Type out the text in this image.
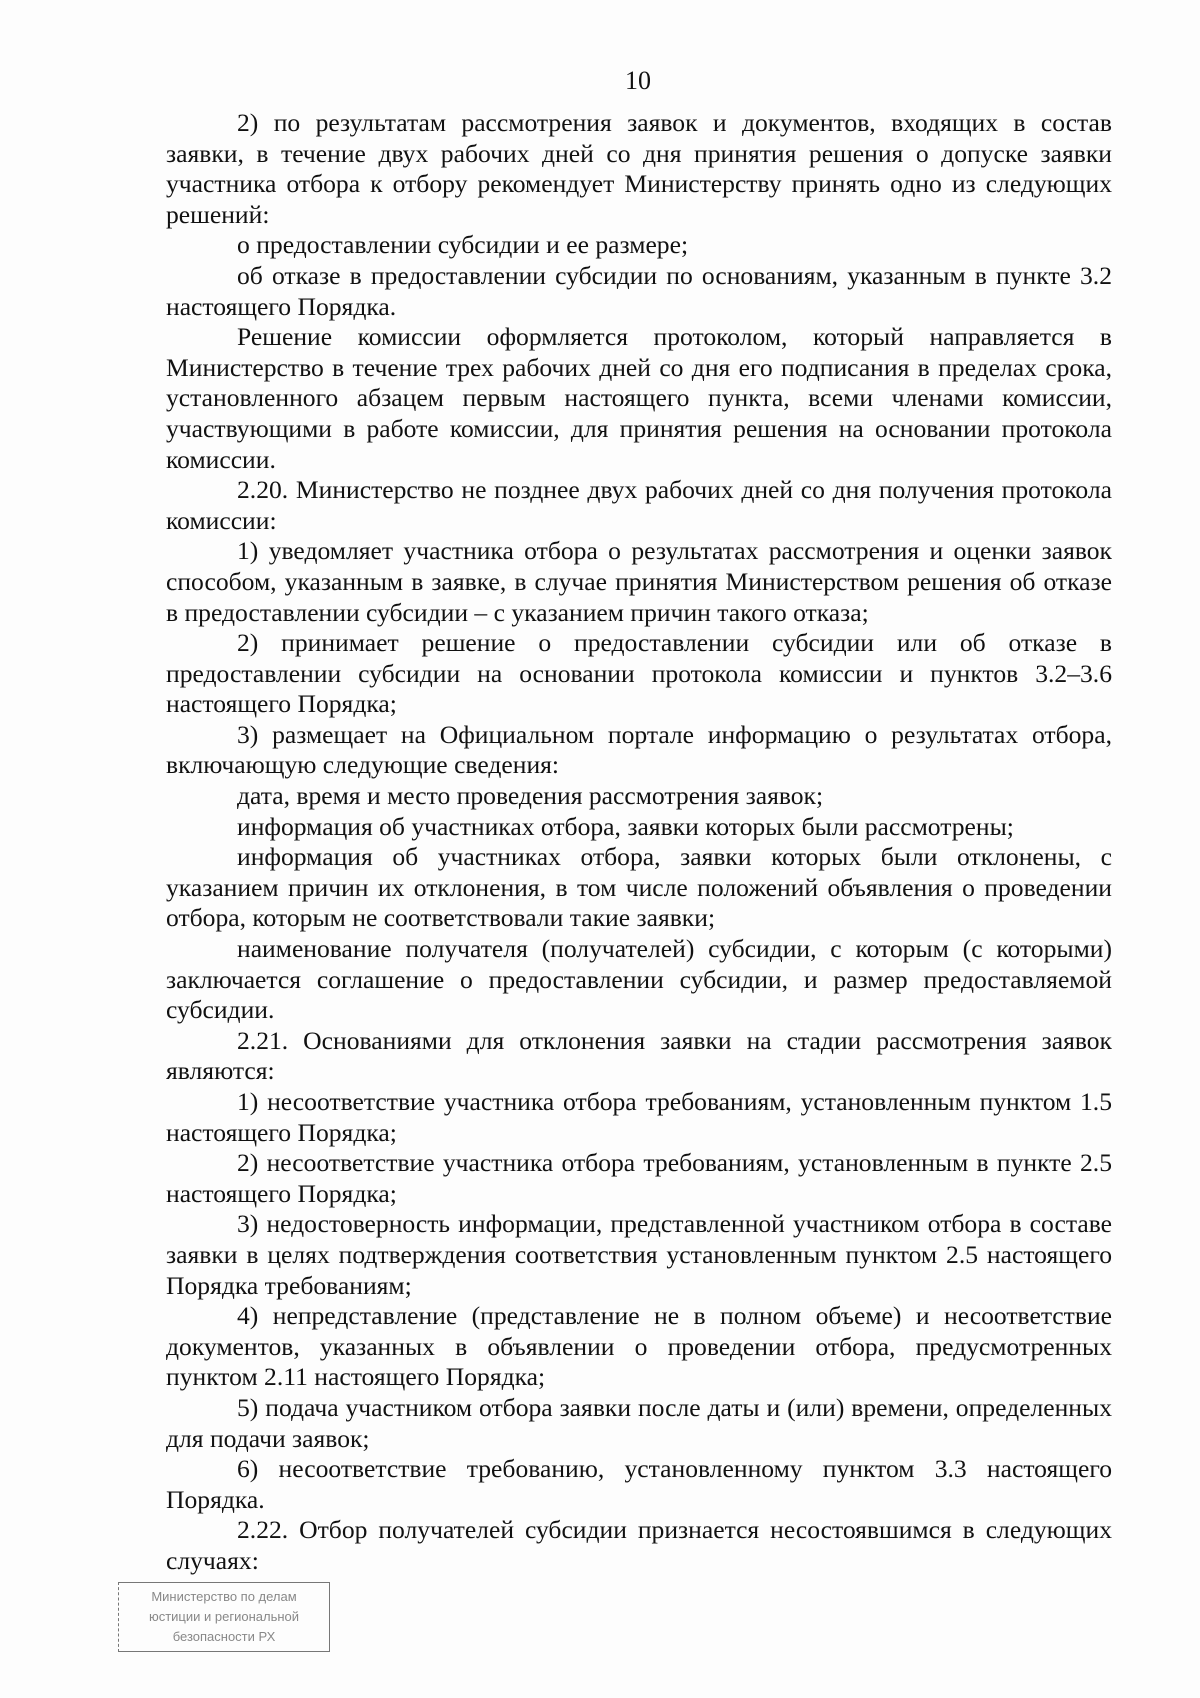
10

2) по результатам рассмотрения заявок и документов, входящих в состав заявки, в течение двух рабочих дней со дня принятия решения о допуске заявки участника отбора к отбору рекомендует Министерству принять одно из следующих решений:

о предоставлении субсидии и ее размере;

об отказе в предоставлении субсидии по основаниям, указанным в пункте 3.2 настоящего Порядка.

Решение комиссии оформляется протоколом, который направляется в Министерство в течение трех рабочих дней со дня его подписания в пределах срока, установленного абзацем первым настоящего пункта, всеми членами комиссии, участвующими в работе комиссии, для принятия решения на основании протокола комиссии.

2.20. Министерство не позднее двух рабочих дней со дня получения протокола комиссии:

1) уведомляет участника отбора о результатах рассмотрения и оценки заявок способом, указанным в заявке, в случае принятия Министерством решения об отказе в предоставлении субсидии – с указанием причин такого отказа;

2) принимает решение о предоставлении субсидии или об отказе в предоставлении субсидии на основании протокола комиссии и пунктов 3.2–3.6 настоящего Порядка;

3) размещает на Официальном портале информацию о результатах отбора, включающую следующие сведения:

дата, время и место проведения рассмотрения заявок;

информация об участниках отбора, заявки которых были рассмотрены;

информация об участниках отбора, заявки которых были отклонены, с указанием причин их отклонения, в том числе положений объявления о проведении отбора, которым не соответствовали такие заявки;

наименование получателя (получателей) субсидии, с которым (с которыми) заключается соглашение о предоставлении субсидии, и размер предоставляемой субсидии.

2.21. Основаниями для отклонения заявки на стадии рассмотрения заявок являются:

1) несоответствие участника отбора требованиям, установленным пунктом 1.5 настоящего Порядка;

2) несоответствие участника отбора требованиям, установленным в пункте 2.5 настоящего Порядка;

3) недостоверность информации, представленной участником отбора в составе заявки в целях подтверждения соответствия установленным пунктом 2.5 настоящего Порядка требованиям;

4) непредставление (представление не в полном объеме) и несоответствие документов, указанных в объявлении о проведении отбора, предусмотренных пунктом 2.11 настоящего Порядка;

5) подача участником отбора заявки после даты и (или) времени, определенных для подачи заявок;

6) несоответствие требованию, установленному пунктом 3.3 настоящего Порядка.

2.22. Отбор получателей субсидии признается несостоявшимся в следующих случаях:

Министерство по делам
юстиции и региональной
безопасности РХ
